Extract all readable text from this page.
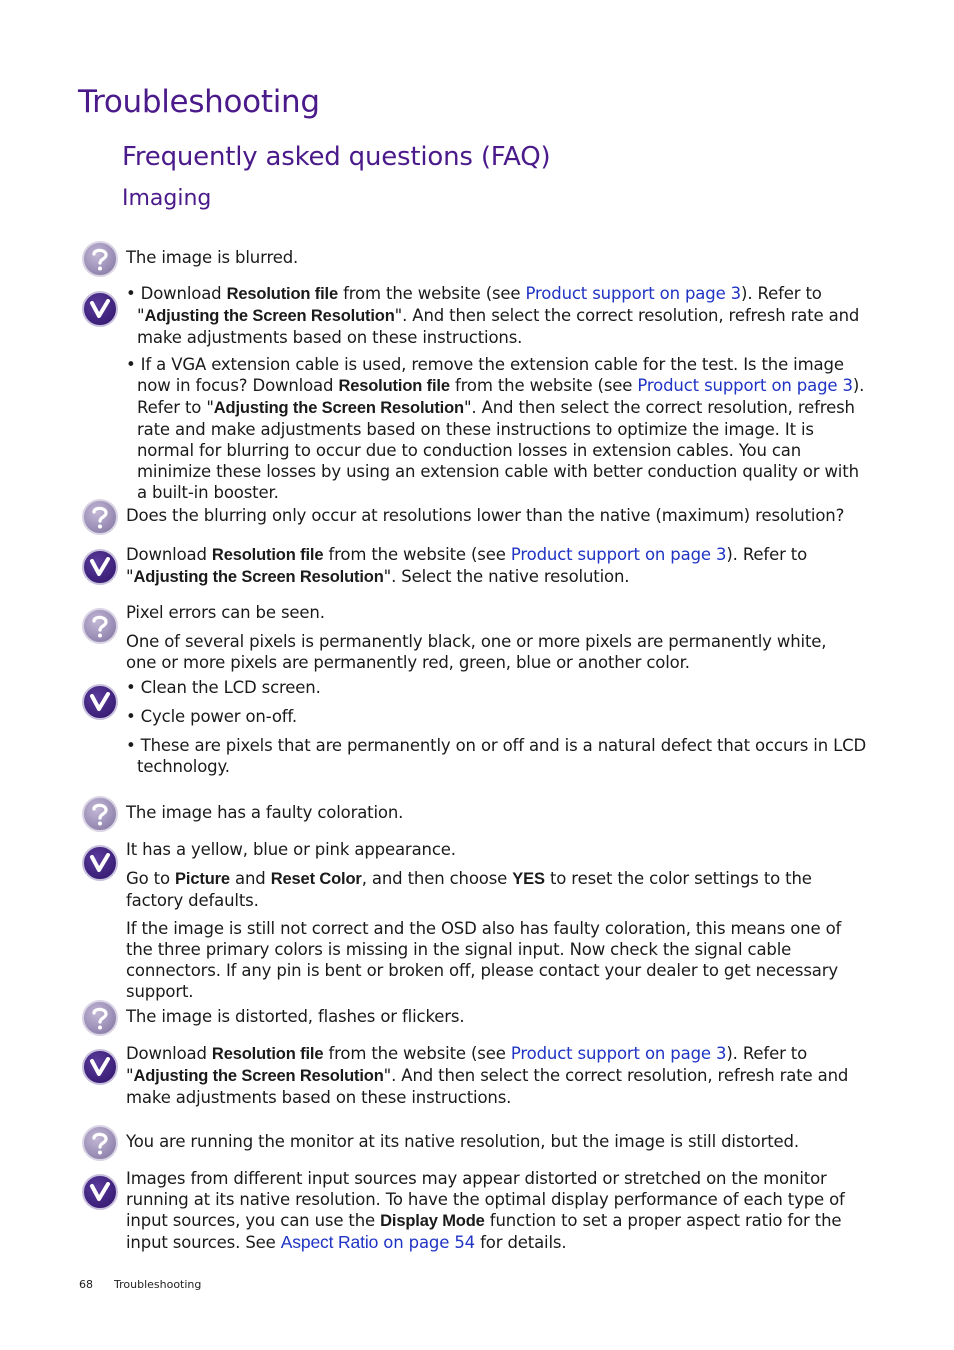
Troubleshooting
Frequently asked questions (FAQ)
Imaging
The image is blurred.
• Download Resolution file from the website (see Product support on page 3). Refer to "Adjusting the Screen Resolution". And then select the correct resolution, refresh rate and make adjustments based on these instructions.
• If a VGA extension cable is used, remove the extension cable for the test. Is the image now in focus? Download Resolution file from the website (see Product support on page 3). Refer to "Adjusting the Screen Resolution". And then select the correct resolution, refresh rate and make adjustments based on these instructions to optimize the image. It is normal for blurring to occur due to conduction losses in extension cables. You can minimize these losses by using an extension cable with better conduction quality or with a built-in booster.
Does the blurring only occur at resolutions lower than the native (maximum) resolution?
Download Resolution file from the website (see Product support on page 3). Refer to "Adjusting the Screen Resolution". Select the native resolution.
Pixel errors can be seen.
One of several pixels is permanently black, one or more pixels are permanently white, one or more pixels are permanently red, green, blue or another color.
• Clean the LCD screen.
• Cycle power on-off.
• These are pixels that are permanently on or off and is a natural defect that occurs in LCD technology.
The image has a faulty coloration.
It has a yellow, blue or pink appearance.
Go to Picture and Reset Color, and then choose YES to reset the color settings to the factory defaults.
If the image is still not correct and the OSD also has faulty coloration, this means one of the three primary colors is missing in the signal input. Now check the signal cable connectors. If any pin is bent or broken off, please contact your dealer to get necessary support.
The image is distorted, flashes or flickers.
Download Resolution file from the website (see Product support on page 3). Refer to "Adjusting the Screen Resolution". And then select the correct resolution, refresh rate and make adjustments based on these instructions.
You are running the monitor at its native resolution, but the image is still distorted.
Images from different input sources may appear distorted or stretched on the monitor running at its native resolution. To have the optimal display performance of each type of input sources, you can use the Display Mode function to set a proper aspect ratio for the input sources. See Aspect Ratio on page 54 for details.
68 Troubleshooting
